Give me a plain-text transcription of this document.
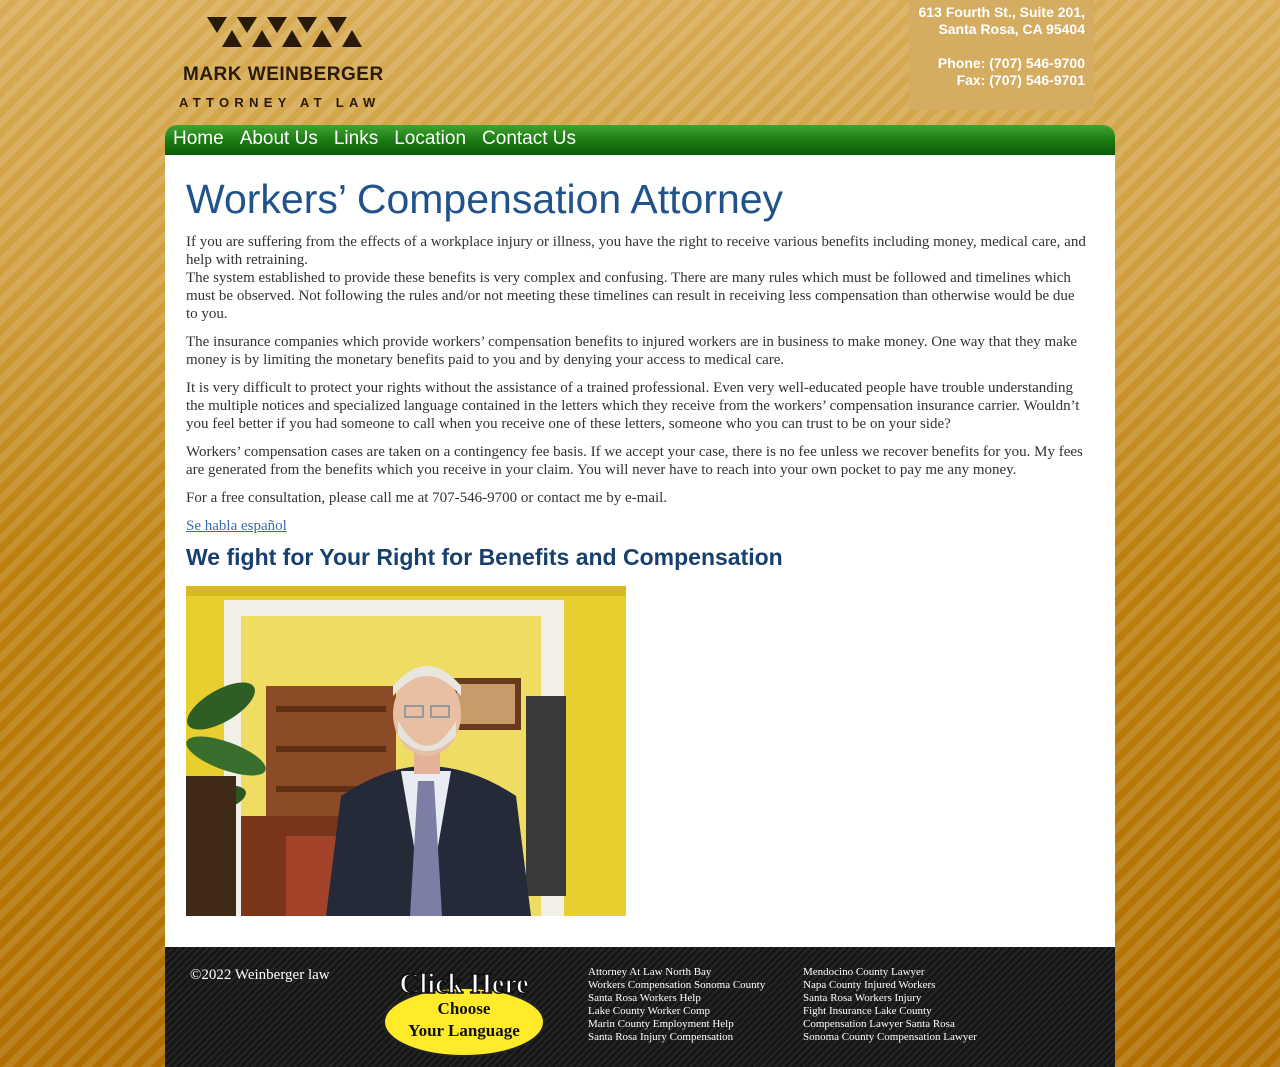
MARK WEINBERGER
ATTORNEY AT LAW
613 Fourth St., Suite 201,
Santa Rosa, CA 95404
Phone: (707) 546-9700
Fax: (707) 546-9701
Home About Us Links Location Contact Us
Workers’ Compensation Attorney

If you are suffering from the effects of a workplace injury or illness, you have the right to receive various benefits including money, medical care, and help with retraining.

The system established to provide these benefits is very complex and confusing. There are many rules which must be followed and timelines which must be observed. Not following the rules and/or not meeting these timelines can result in receiving less compensation than otherwise would be due to you.

The insurance companies which provide workers’ compensation benefits to injured workers are in business to make money. One way that they make money is by limiting the monetary benefits paid to you and by denying your access to medical care.

It is very difficult to protect your rights without the assistance of a trained professional. Even very well-educated people have trouble understanding the multiple notices and specialized language contained in the letters which they receive from the workers’ compensation insurance carrier. Wouldn’t you feel better if you had someone to call when you receive one of these letters, someone who you can trust to be on your side?

Workers’ compensation cases are taken on a contingency fee basis. If we accept your case, there is no fee unless we recover benefits for you. My fees are generated from the benefits which you receive in your claim. You will never have to reach into your own pocket to pay me any money.

For a free consultation, please call me at 707-546-9700 or contact me by e-mail.

Se habla español
We fight for Your Right for Benefits and Compensation
©2022 Weinberger law Click Here
Choose
Your Language
Attorney At Law North Bay
Workers Compensation Sonoma County
Santa Rosa Workers Help
Lake County Worker Comp
Marin County Employment Help
Santa Rosa Injury Compensation
Mendocino County Lawyer
Napa County Injured Workers
Santa Rosa Workers Injury
Fight Insurance Lake County
Compensation Lawyer Santa Rosa
Sonoma County Compensation Lawyer
